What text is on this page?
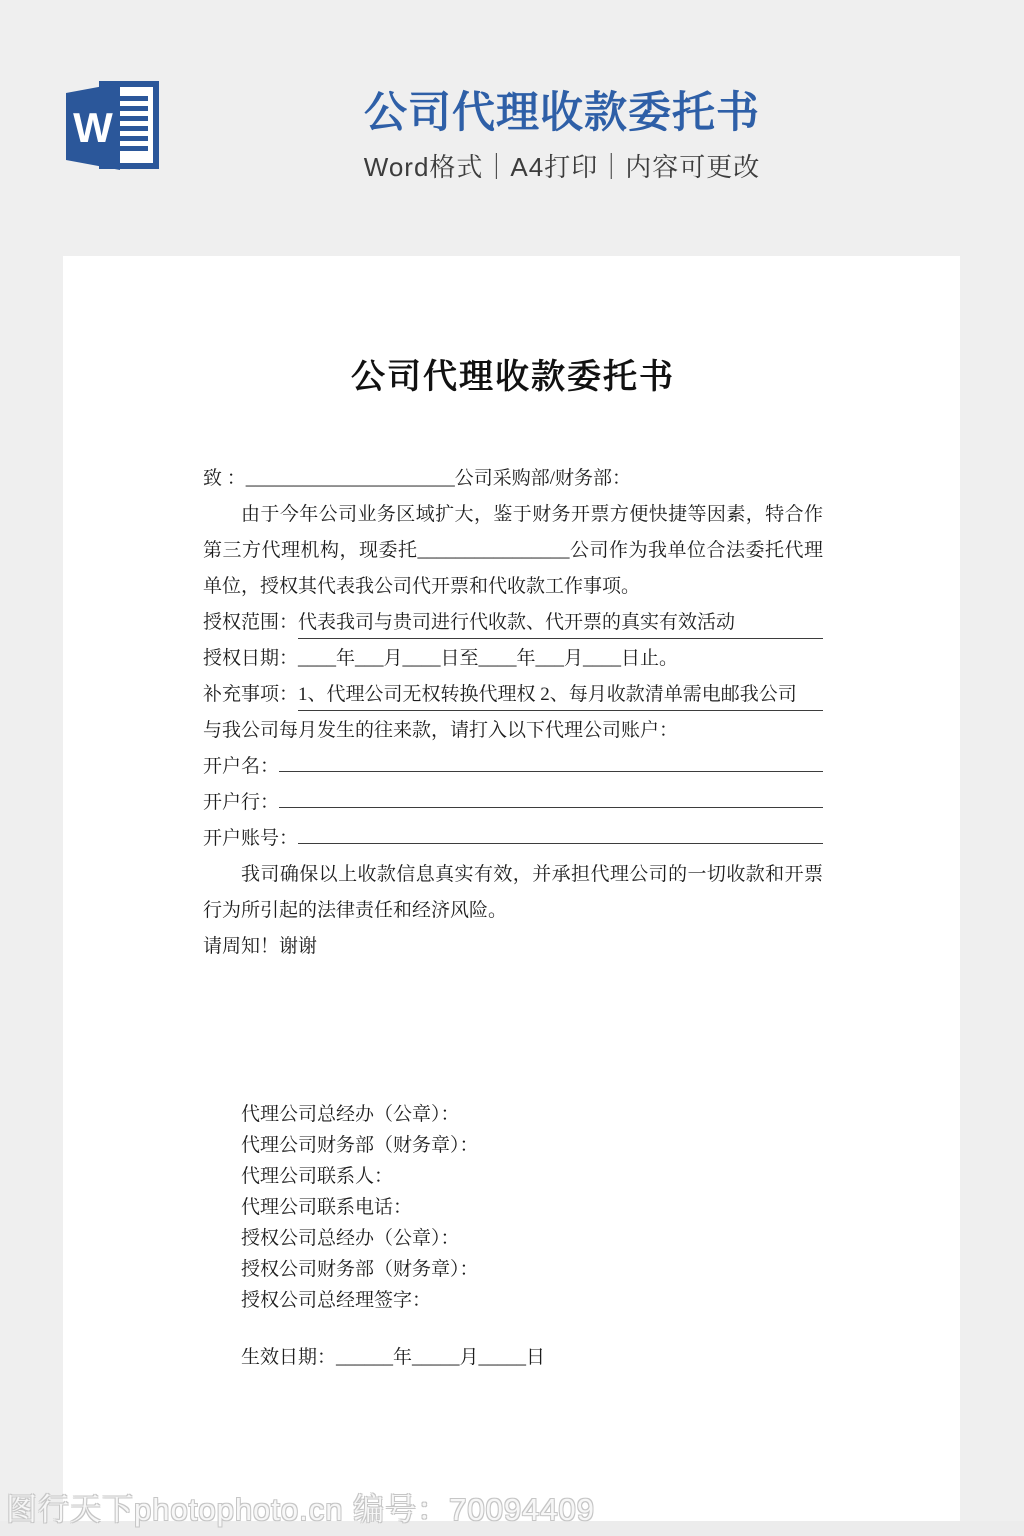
W	公司代理收款委托书
Word格式｜A4打印｜内容可更改
公司代理收款委托书

致 ：______________________公司采购部/财务部：

由于今年公司业务区域扩大，鉴于财务开票方便快捷等因素，特合作第三方代理机构，现委托________________公司作为我单位合法委托代理单位，授权其代表我公司代开票和代收款工作事项。

授权范围： 代表我司与贵司进行代收款、代开票的真实有效活动

授权日期：____年___月____日至____年___月____日止。

补充事项： 1、代理公司无权转换代理权 2、每月收款清单需电邮我公司

与我公司每月发生的往来款，请打入以下代理公司账户：

开户名：

开户行：

开户账号：

我司确保以上收款信息真实有效，并承担代理公司的一切收款和开票行为所引起的法律责任和经济风险。

请周知！谢谢

代理公司总经办（公章）：

代理公司财务部（财务章）：

代理公司联系人：

代理公司联系电话：

授权公司总经办（公章）：

授权公司财务部（财务章）：

授权公司总经理签字：

生效日期：______年_____月_____日

图行天下photophoto.cn 编号：70094409
